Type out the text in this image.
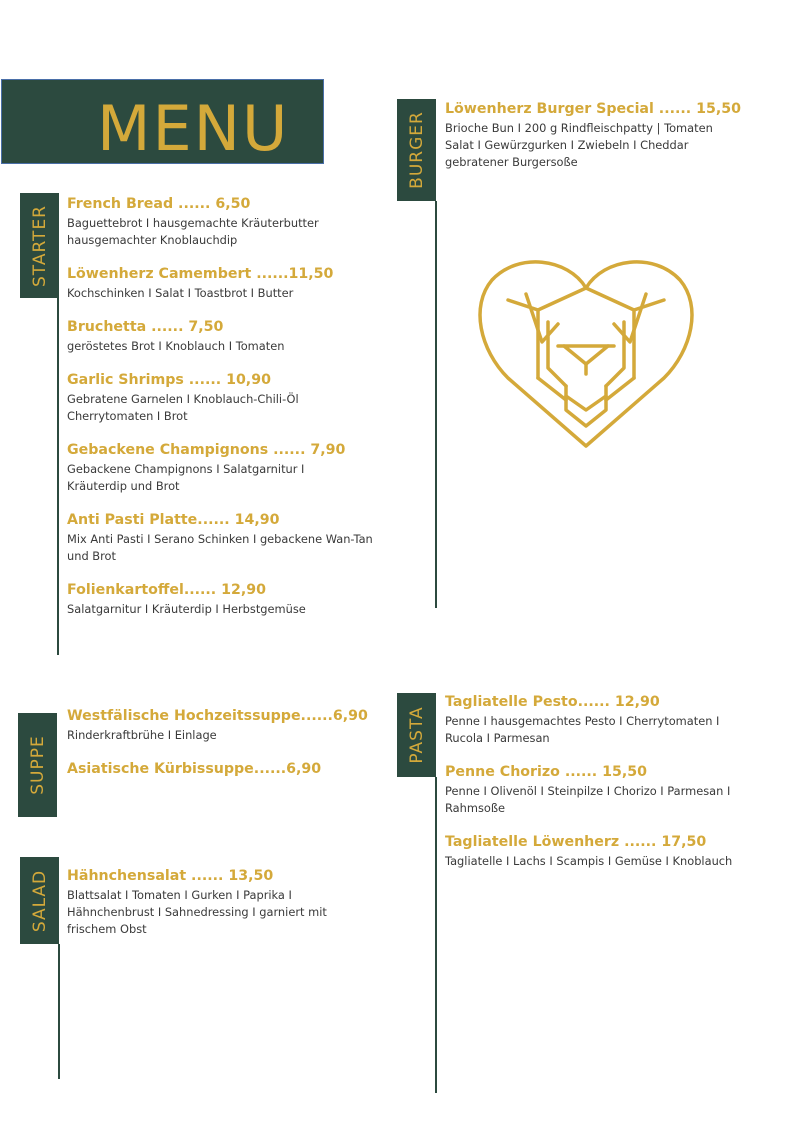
MENU
STARTER
French Bread ...... 6,50
Baguettebrot I hausgemachte Kräuterbutter hausgemachter Knoblauchdip
Löwenherz Camembert ......11,50
Kochschinken I Salat I Toastbrot I Butter
Bruchetta ...... 7,50
geröstetes Brot I Knoblauch I Tomaten
Garlic Shrimps ...... 10,90
Gebratene Garnelen I Knoblauch-Chili-Öl Cherrytomaten I Brot
Gebackene Champignons ...... 7,90
Gebackene Champignons I Salatgarnitur I Kräuterdip und Brot
Anti Pasti Platte...... 14,90
Mix Anti Pasti I Serano Schinken I gebackene Wan-Tan und Brot
Folienkartoffel...... 12,90
Salatgarnitur I Kräuterdip I Herbstgemüse
BURGER
Löwenherz Burger Special ...... 15,50
Brioche Bun I 200 g Rindfleischpatty | Tomaten Salat I Gewürzgurken I Zwiebeln I Cheddar gebratener Burgersoße
SUPPE
Westfälische Hochzeitssuppe......6,90
Rinderkraftbrühe I Einlage
Asiatische Kürbissuppe......6,90
SALAD Hähnchensalat ...... 13,50
Blattsalat I Tomaten I Gurken I Paprika I Hähnchenbrust I Sahnedressing I garniert mit frischem Obst
PASTA
Tagliatelle Pesto...... 12,90
Penne I hausgemachtes Pesto I Cherrytomaten I Rucola I Parmesan
Penne Chorizo ...... 15,50
Penne I Olivenöl I Steinpilze I Chorizo I Parmesan I Rahmsoße
Tagliatelle Löwenherz ...... 17,50
Tagliatelle I Lachs I Scampis I Gemüse I Knoblauch
